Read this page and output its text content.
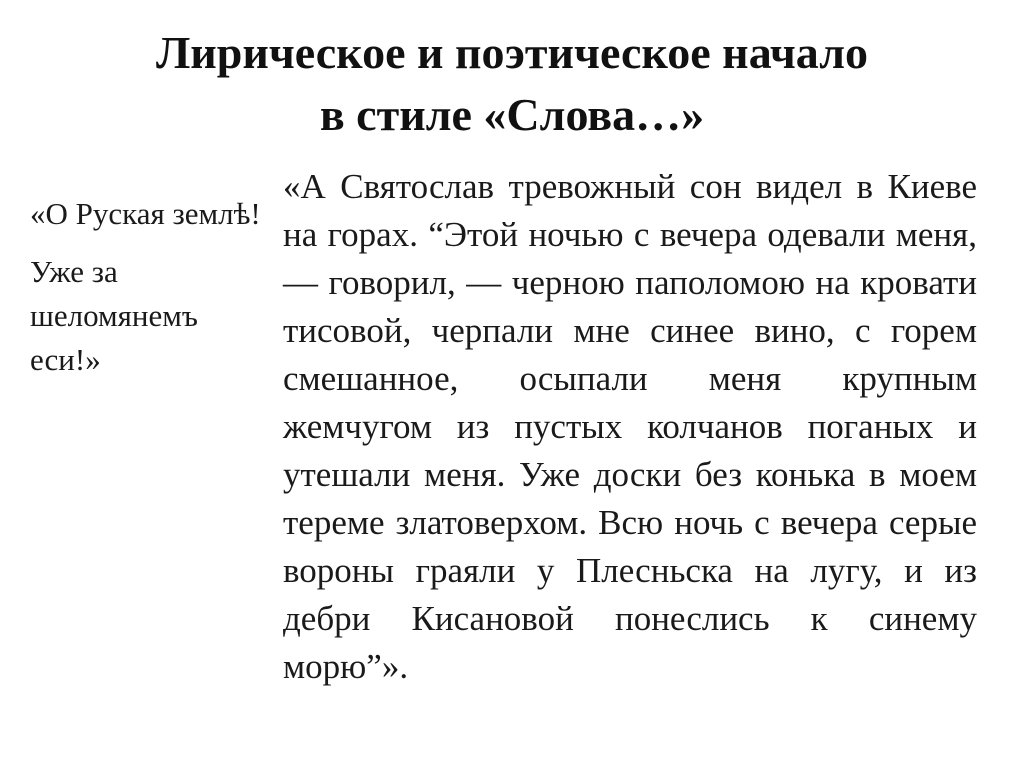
Лирическое и поэтическое начало
в стиле «Слова…»

«О Руская землѣ!

Уже за шеломянемъ еси!»

«А Святослав тревожный сон видел в Киеве на горах. “Этой ночью с вечера одевали меня, — говорил, — черною паполомою на кровати тисовой, черпали мне синее вино, с горем смешанное, осыпали меня крупным жемчугом из пустых колчанов поганых и утешали меня. Уже доски без конька в моем тереме златоверхом. Всю ночь с вечера серые вороны граяли у Плесньска на лугу, и из дебри Кисановой понеслись к синему морю”».
